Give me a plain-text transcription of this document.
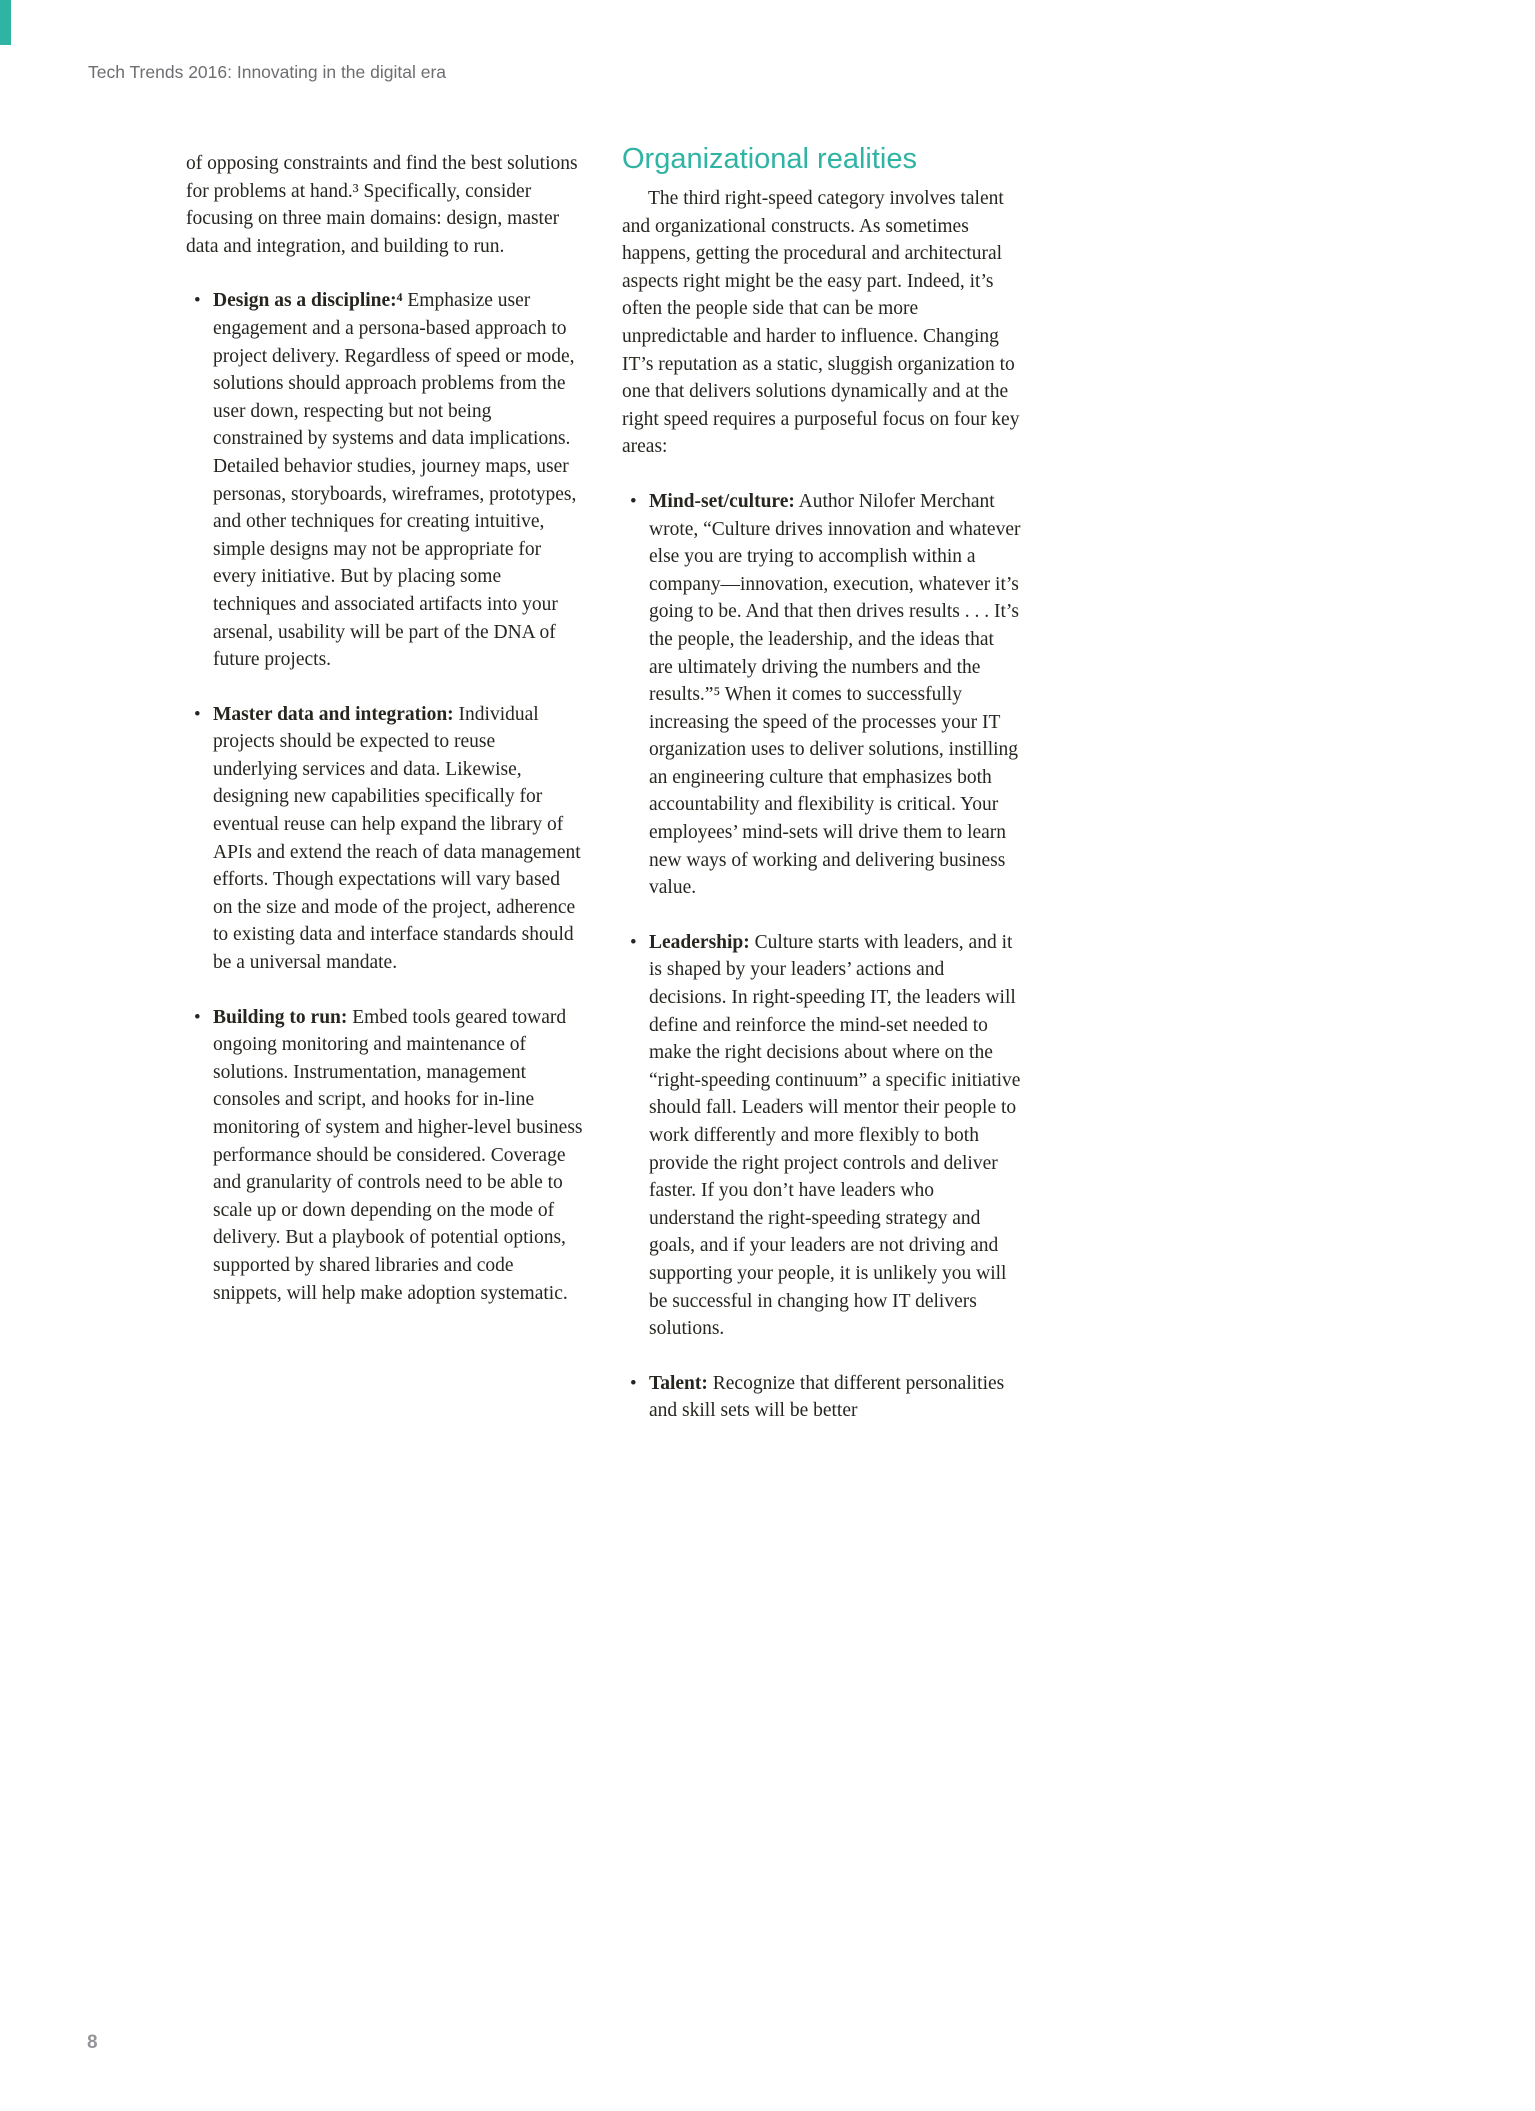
Tech Trends 2016: Innovating in the digital era

of opposing constraints and find the best solutions for problems at hand.³ Specifically, consider focusing on three main domains: design, master data and integration, and building to run.

• Design as a discipline:⁴ Emphasize user engagement and a persona-based approach to project delivery. Regardless of speed or mode, solutions should approach problems from the user down, respecting but not being constrained by systems and data implications. Detailed behavior studies, journey maps, user personas, storyboards, wireframes, prototypes, and other techniques for creating intuitive, simple designs may not be appropriate for every initiative. But by placing some techniques and associated artifacts into your arsenal, usability will be part of the DNA of future projects.
• Master data and integration: Individual projects should be expected to reuse underlying services and data. Likewise, designing new capabilities specifically for eventual reuse can help expand the library of APIs and extend the reach of data management efforts. Though expectations will vary based on the size and mode of the project, adherence to existing data and interface standards should be a universal mandate.
• Building to run: Embed tools geared toward ongoing monitoring and maintenance of solutions. Instrumentation, management consoles and script, and hooks for in-line monitoring of system and higher-level business performance should be considered. Coverage and granularity of controls need to be able to scale up or down depending on the mode of delivery. But a playbook of potential options, supported by shared libraries and code snippets, will help make adoption systematic.
Organizational realities

The third right-speed category involves talent and organizational constructs. As sometimes happens, getting the procedural and architectural aspects right might be the easy part. Indeed, it’s often the people side that can be more unpredictable and harder to influence. Changing IT’s reputation as a static, sluggish organization to one that delivers solutions dynamically and at the right speed requires a purposeful focus on four key areas:

• Mind-set/culture: Author Nilofer Merchant wrote, “Culture drives innovation and whatever else you are trying to accomplish within a company—innovation, execution, whatever it’s going to be. And that then drives results . . . It’s the people, the leadership, and the ideas that are ultimately driving the numbers and the results.”⁵ When it comes to successfully increasing the speed of the processes your IT organization uses to deliver solutions, instilling an engineering culture that emphasizes both accountability and flexibility is critical. Your employees’ mind-sets will drive them to learn new ways of working and delivering business value.
• Leadership: Culture starts with leaders, and it is shaped by your leaders’ actions and decisions. In right-speeding IT, the leaders will define and reinforce the mind-set needed to make the right decisions about where on the “right-speeding continuum” a specific initiative should fall. Leaders will mentor their people to work differently and more flexibly to both provide the right project controls and deliver faster. If you don’t have leaders who understand the right-speeding strategy and goals, and if your leaders are not driving and supporting your people, it is unlikely you will be successful in changing how IT delivers solutions.
• Talent: Recognize that different personalities and skill sets will be better
8
